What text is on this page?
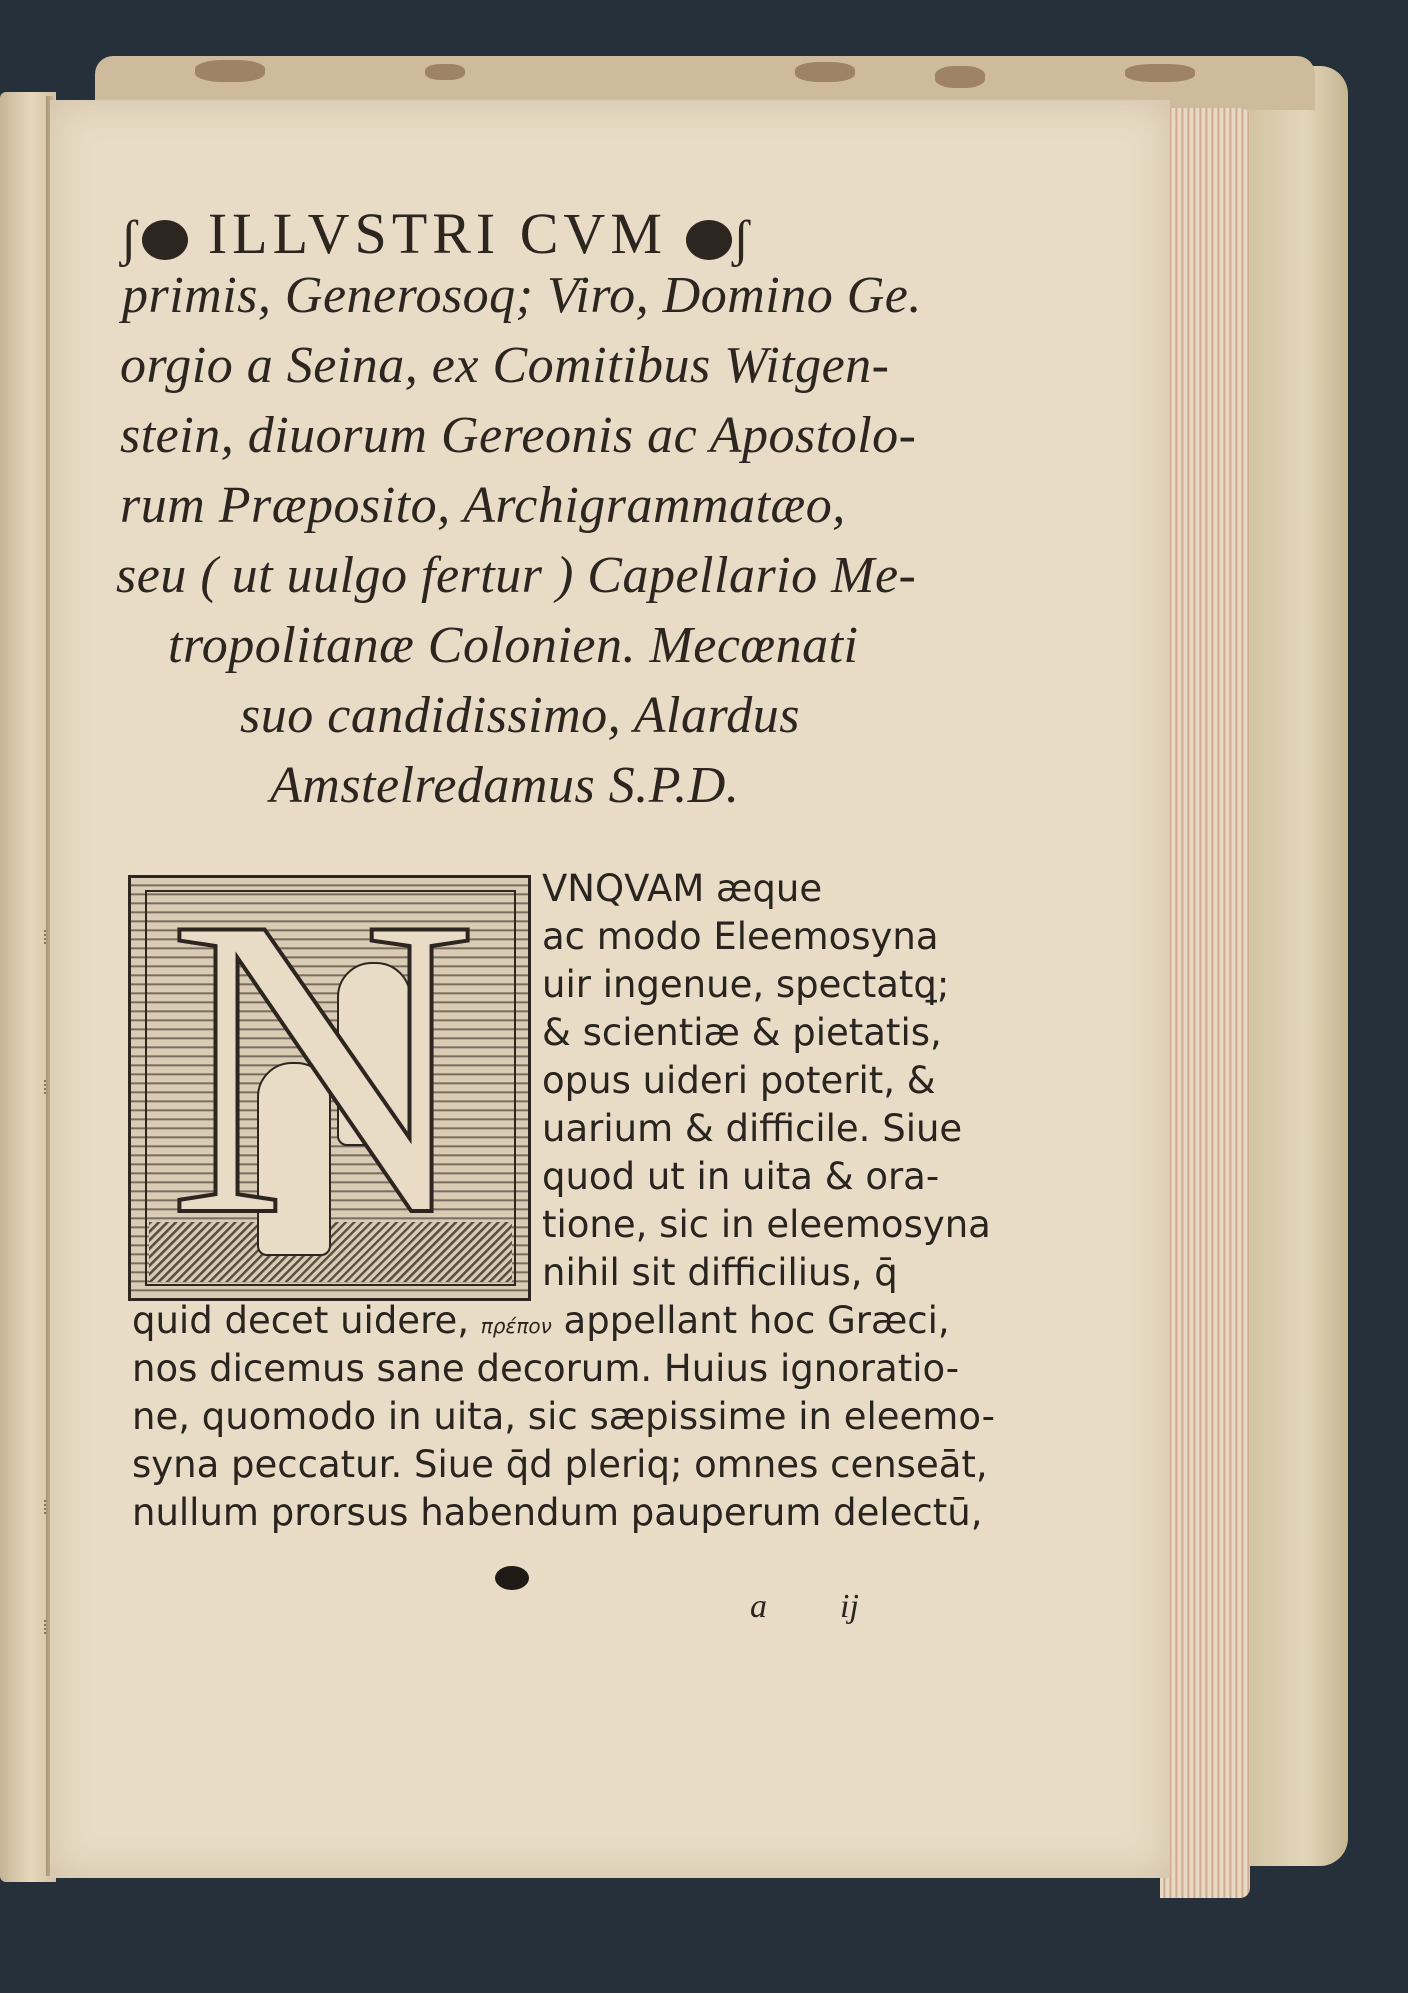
ʃ ILLVSTRI CVM ʃ
primis, Generosoq; Viro, Domino Ge.
orgio a Seina, ex Comitibus Witgen-
stein, diuorum Gereonis ac Apostolo-
rum Præposito, Archigrammatæo,
seu ( ut uulgo fertur ) Capellario Me-
tropolitanæ Colonien. Mecœnati
suo candidissimo, Alardus
Amstelredamus S.P.D.
N VNQVAM æque
ac modo Eleemosyna
uir ingenue, spectatꝗ;
& scientiæ & pietatis,
opus uideri poterit, &
uarium & difficile. Siue
quod ut in uita & ora-
tione, sic in eleemosyna
nihil sit difficilius, q̄
quid decet uidere, πρέπον appellant hoc Græci,
nos dicemus sane decorum. Huius ignoratio-
ne, quomodo in uita, sic sæpissime in eleemo-
syna peccatur. Siue q̄d pleriq; omnes censeāt,
nullum prorsus habendum pauperum delectū,
a ij
